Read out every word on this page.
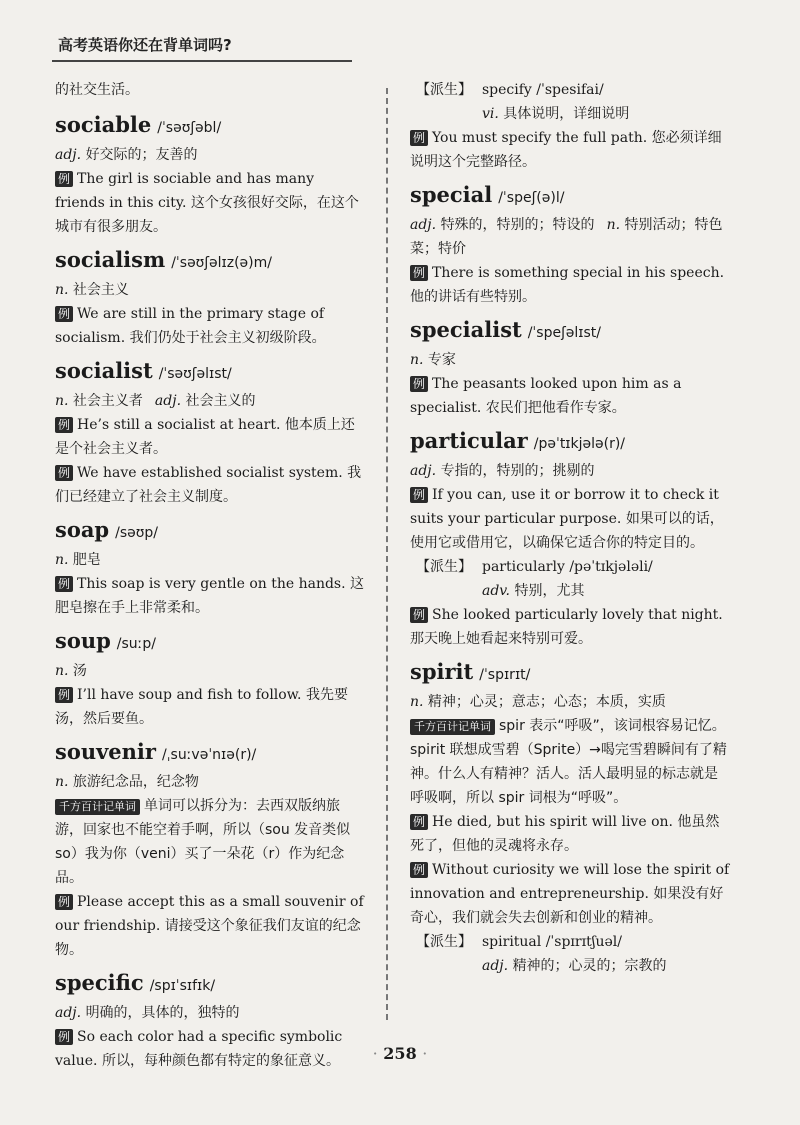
高考英语你还在背单词吗?
的社交生活。
sociable /ˈsəʊʃəbl/
adj. 好交际的；友善的
例 The girl is sociable and has many friends in this city. 这个女孩很好交际，在这个城市有很多朋友。
socialism /ˈsəʊʃəlɪz(ə)m/
n. 社会主义
例 We are still in the primary stage of socialism. 我们仍处于社会主义初级阶段。
socialist /ˈsəʊʃəlɪst/
n. 社会主义者 adj. 社会主义的
例 He’s still a socialist at heart. 他本质上还是个社会主义者。
例 We have established socialist system. 我们已经建立了社会主义制度。
soap /səʊp/
n. 肥皂
例 This soap is very gentle on the hands. 这肥皂擦在手上非常柔和。
soup /suːp/
n. 汤
例 I’ll have soup and fish to follow. 我先要汤，然后要鱼。
souvenir /ˌsuːvəˈnɪə(r)/
n. 旅游纪念品，纪念物
千方百计记单词 单词可以拆分为：去西双版纳旅游，回家也不能空着手啊，所以（sou 发音类似 so）我为你（veni）买了一朵花（r）作为纪念品。
例 Please accept this as a small souvenir of our friendship. 请接受这个象征我们友谊的纪念物。
specific /spɪˈsɪfɪk/
adj. 明确的，具体的，独特的
例 So each color had a specific symbolic value. 所以，每种颜色都有特定的象征意义。
【派生】 specify /ˈspesifai/
vi. 具体说明，详细说明
例 You must specify the full path. 您必须详细说明这个完整路径。
special /ˈspeʃ(ə)l/
adj. 特殊的，特别的；特设的 n. 特别活动；特色菜；特价
例 There is something special in his speech. 他的讲话有些特别。
specialist /ˈspeʃəlɪst/
n. 专家
例 The peasants looked upon him as a specialist. 农民们把他看作专家。
particular /pəˈtɪkjələ(r)/
adj. 专指的，特别的；挑剔的
例 If you can, use it or borrow it to check it suits your particular purpose. 如果可以的话，使用它或借用它，以确保它适合你的特定目的。
【派生】 particularly /pəˈtɪkjələli/
adv. 特别，尤其
例 She looked particularly lovely that night. 那天晚上她看起来特别可爱。
spirit /ˈspɪrɪt/
n. 精神；心灵；意志；心态；本质，实质
千方百计记单词 spir 表示“呼吸”，该词根容易记忆。spirit 联想成雪碧（Sprite）→喝完雪碧瞬间有了精神。什么人有精神？活人。活人最明显的标志就是呼吸啊，所以 spir 词根为“呼吸”。
例 He died, but his spirit will live on. 他虽然死了，但他的灵魂将永存。
例 Without curiosity we will lose the spirit of innovation and entrepreneurship. 如果没有好奇心，我们就会失去创新和创业的精神。
【派生】 spiritual /ˈspɪrɪtʃuəl/
adj. 精神的；心灵的；宗教的
· 258 ·
